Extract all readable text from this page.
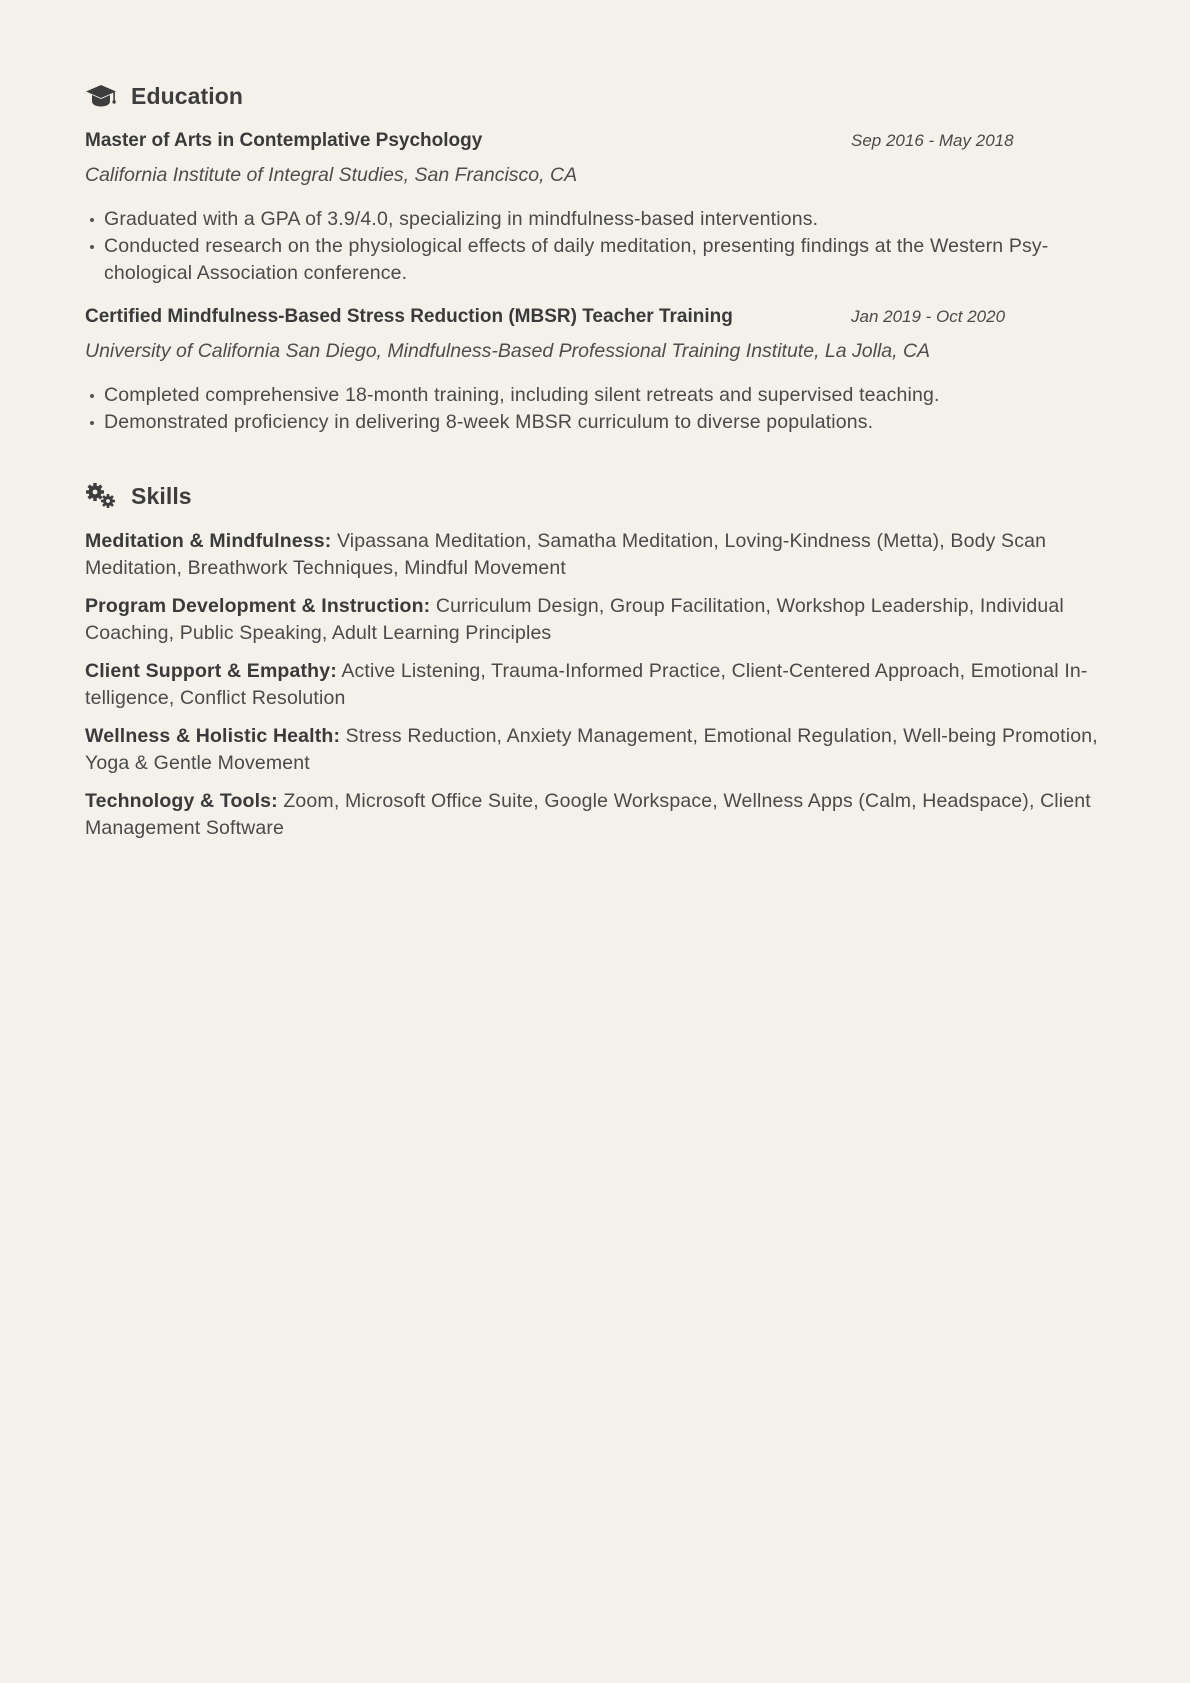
Education
Master of Arts in Contemplative Psychology	Sep 2016 - May 2018
California Institute of Integral Studies, San Francisco, CA
Graduated with a GPA of 3.9/4.0, specializing in mindfulness-based interventions.
Conducted research on the physiological effects of daily meditation, presenting findings at the Western Psy-chological Association conference.
Certified Mindfulness-Based Stress Reduction (MBSR) Teacher Training	Jan 2019 - Oct 2020
University of California San Diego, Mindfulness-Based Professional Training Institute, La Jolla, CA
Completed comprehensive 18-month training, including silent retreats and supervised teaching.
Demonstrated proficiency in delivering 8-week MBSR curriculum to diverse populations.
Skills
Meditation & Mindfulness: Vipassana Meditation, Samatha Meditation, Loving-Kindness (Metta), Body Scan Meditation, Breathwork Techniques, Mindful Movement
Program Development & Instruction: Curriculum Design, Group Facilitation, Workshop Leadership, Individual Coaching, Public Speaking, Adult Learning Principles
Client Support & Empathy: Active Listening, Trauma-Informed Practice, Client-Centered Approach, Emotional In-telligence, Conflict Resolution
Wellness & Holistic Health: Stress Reduction, Anxiety Management, Emotional Regulation, Well-being Promotion, Yoga & Gentle Movement
Technology & Tools: Zoom, Microsoft Office Suite, Google Workspace, Wellness Apps (Calm, Headspace), Client Management Software
